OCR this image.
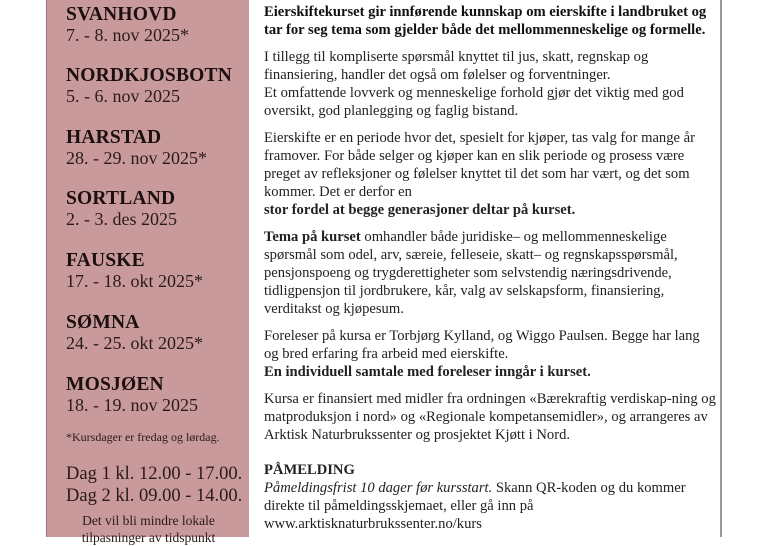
SVANHOVD
7. - 8. nov 2025*
NORDKJOSBOTN
5. - 6. nov 2025
HARSTAD
28. - 29. nov 2025*
SORTLAND
2. - 3. des 2025
FAUSKE
17. - 18. okt 2025*
SØMNA
24. - 25. okt 2025*
MOSJØEN
18. - 19. nov 2025
*Kursdager er fredag og lørdag.
Dag 1 kl. 12.00 - 17.00.
Dag 2 kl. 09.00 - 14.00.
Det vil bli mindre lokale
tilpasninger av tidspunkt

Eierskiftekurset gir innførende kunnskap om eierskifte i landbruket og tar for seg tema som gjelder både det mellommenneskelige og formelle.

I tillegg til kompliserte spørsmål knyttet til jus, skatt, regnskap og finansiering, handler det også om følelser og forventninger.
Et omfattende lovverk og menneskelige forhold gjør det viktig med god oversikt, god planlegging og faglig bistand.

Eierskifte er en periode hvor det, spesielt for kjøper, tas valg for mange år framover. For både selger og kjøper kan en slik periode og prosess være preget av refleksjoner og følelser knyttet til det som har vært, og det som kommer. Det er derfor en
stor fordel at begge generasjoner deltar på kurset.

Tema på kurset omhandler både juridiske– og mellommenneskelige spørsmål som odel, arv, særeie, felleseie, skatt– og regnskapsspørsmål, pensjonspoeng og trygderettigheter som selvstendig næringsdrivende, tidligpensjon til jordbrukere, kår, valg av selskapsform, finansiering, verditakst og kjøpesum.

Foreleser på kursa er Torbjørg Kylland, og Wiggo Paulsen. Begge har lang og bred erfaring fra arbeid med eierskifte.
En individuell samtale med foreleser inngår i kurset.

Kursa er finansiert med midler fra ordningen «Bærekraftig verdiskap-ning og matproduksjon i nord» og «Regionale kompetansemidler», og arrangeres av Arktisk Naturbrukssenter og prosjektet Kjøtt i Nord.

PÅMELDING
Påmeldingsfrist 10 dager før kursstart. Skann QR-koden og du kommer direkte til påmeldingsskjemaet, eller gå inn på
www.arktisknaturbrukssenter.no/kurs
